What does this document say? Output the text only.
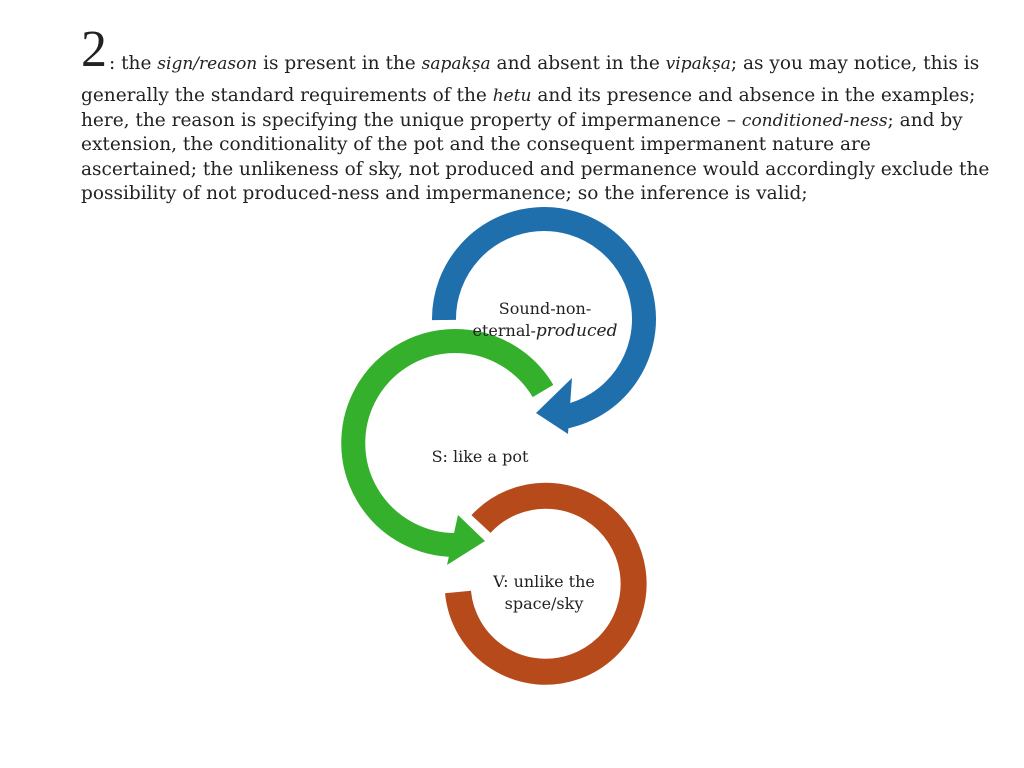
2 : the sign/reason is present in the sapakṣa and absent in the vipakṣa; as you may notice, this is
generally the standard requirements of the hetu and its presence and absence in the examples;
here, the reason is specifying the unique property of impermanence – conditioned-ness; and by
extension, the conditionality of the pot and the consequent impermanent nature are
ascertained; the unlikeness of sky, not produced and permanence would accordingly exclude the
possibility of not produced-ness and impermanence; so the inference is valid;
Sound-non-
eternal-produced
S: like a pot
V: unlike the
space/sky
